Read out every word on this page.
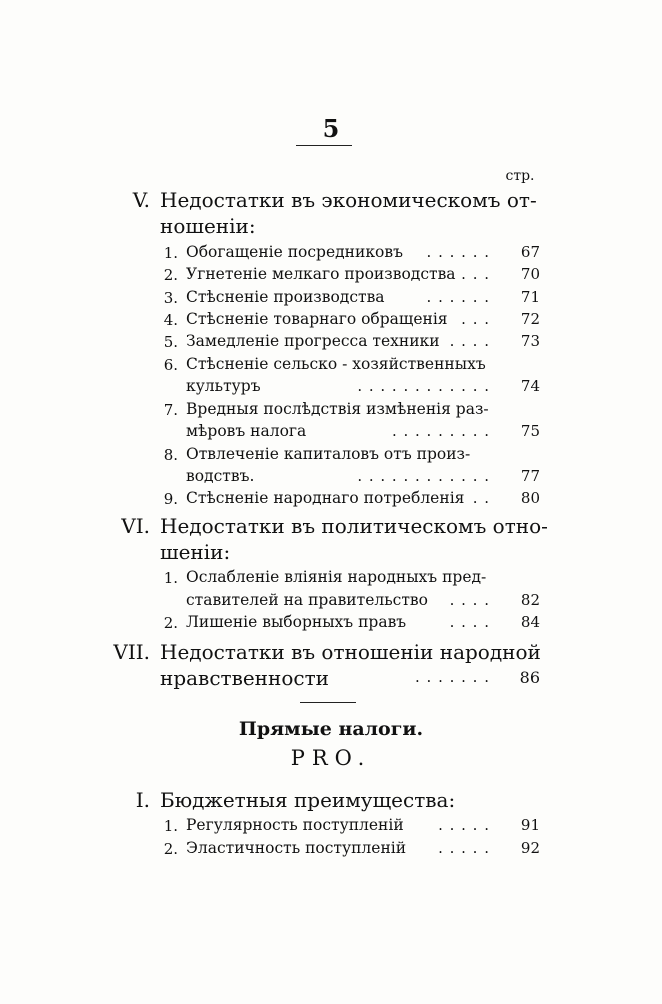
5
стр.
V. Недостатки въ экономическомъ от-
ношеніи:
1. Обогащеніе посредниковъ	. . . . . .	67
2. Угнетеніе мелкаго производства . . .	70
3. Стѣсненіе производства	. . . . . .	71
4. Стѣсненіе товарнаго обращенія . . .	72
5. Замедленіе прогресса техники . . . .	73
6. Стѣсненіе сельско - хозяйственныхъ
культуръ	. . . . . . . . . . . .	74
7. Вредныя послѣдствія измѣненія раз-
мѣровъ налога	. . . . . . . . .	75
8. Отвлеченіе капиталовъ отъ произ-
водствъ.	. . . . . . . . . . . .	77
9. Стѣсненіе народнаго потребленія . .	80
VI. Недостатки въ политическомъ отно-
шеніи:
1. Ослабленіе вліянія народныхъ пред-
ставителей на правительство	. . . .	82
2. Лишеніе выборныхъ правъ	. . . .	84
VII. Недостатки въ отношеніи народной
нравственности	. . . . . . .	86
Прямые налоги.
PRO.
I. Бюджетныя преимущества:
1. Регулярность поступленій	. . . . .	91
2. Эластичность поступленій	. . . . .	92
